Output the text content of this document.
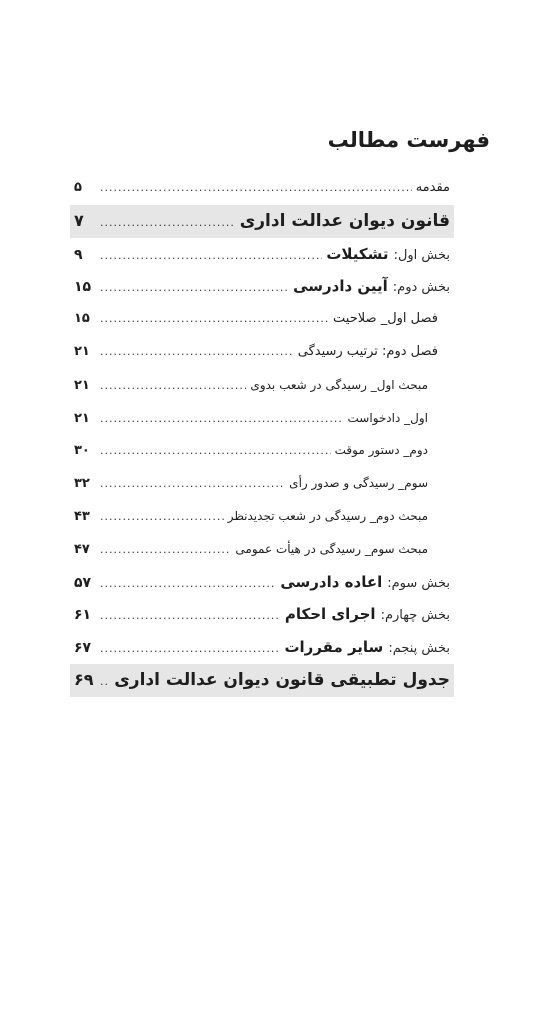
فهرست مطالب
مقدمه
.....
۵
قانون دیوان عدالت اداری
.....
۷
بخش اول:
تشکیلات
.....
۹
بخش دوم:
آیین دادرسی
.....
۱۵
فصل اول_ صلاحیت
.....
۱۵
فصل دوم: ترتیب رسیدگی
.....
۲۱
مبحث اول_ رسیدگی در شعب بدوی
.....
۲۱
اول_ دادخواست
.....
۲۱
دوم_ دستور موقت
.....
۳۰
سوم_ رسیدگی و صدور رأی
.....
۳۲
مبحث دوم_ رسیدگی در شعب تجدیدنظر
.....
۴۳
مبحث سوم_ رسیدگی در هیأت عمومی
.....
۴۷
بخش سوم:
اعاده دادرسی
.....
۵۷
بخش چهارم:
اجرای احکام
.....
۶۱
بخش پنجم:
سایر مقررات
.....
۶۷
جدول تطبیقی قانون دیوان عدالت اداری
.....
۶۹
